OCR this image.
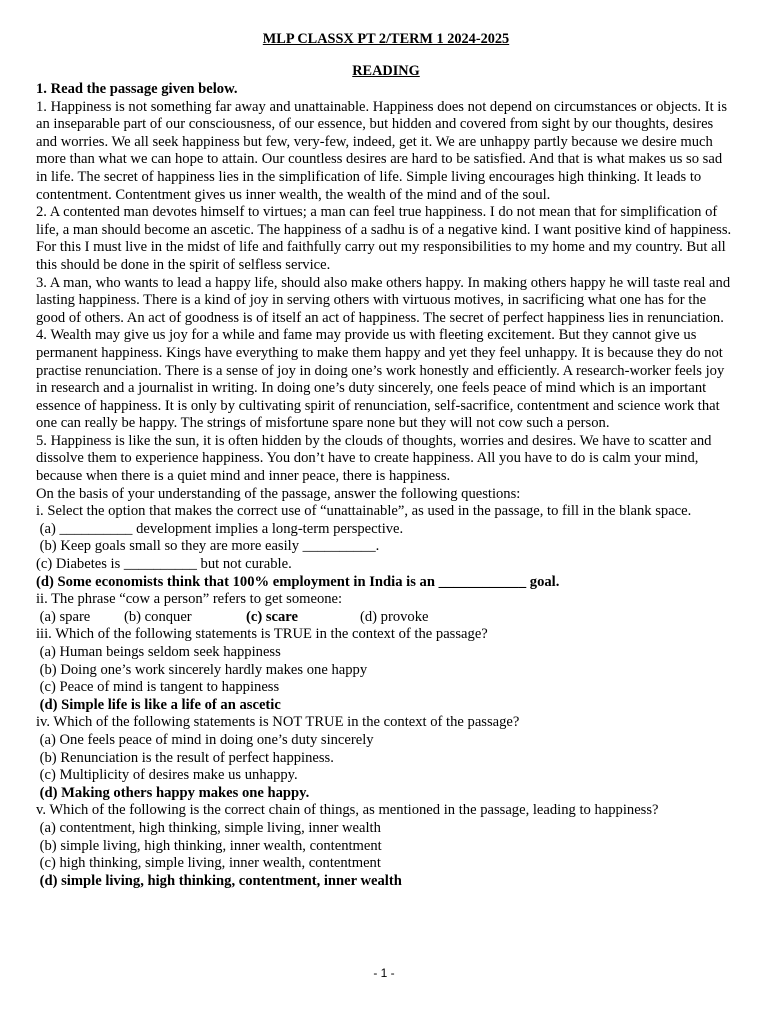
MLP CLASSX PT 2/TERM 1 2024-2025
READING
1. Read the passage given below.

1. Happiness is not something far away and unattainable. Happiness does not depend on circumstances or objects. It is an inseparable part of our consciousness, of our essence, but hidden and covered from sight by our thoughts, desires and worries. We all seek happiness but few, very-few, indeed, get it. We are unhappy partly because we desire much more than what we can hope to attain. Our countless desires are hard to be satisfied. And that is what makes us so sad in life. The secret of happiness lies in the simplification of life. Simple living encourages high thinking. It leads to contentment. Contentment gives us inner wealth, the wealth of the mind and of the soul.

2. A contented man devotes himself to virtues; a man can feel true happiness. I do not mean that for simplification of life, a man should become an ascetic. The happiness of a sadhu is of a negative kind. I want positive kind of happiness. For this I must live in the midst of life and faithfully carry out my responsibilities to my home and my country. But all this should be done in the spirit of selfless service.

3. A man, who wants to lead a happy life, should also make others happy. In making others happy he will taste real and lasting happiness. There is a kind of joy in serving others with virtuous motives, in sacrificing what one has for the good of others. An act of goodness is of itself an act of happiness. The secret of perfect happiness lies in renunciation.

4. Wealth may give us joy for a while and fame may provide us with fleeting excitement. But they cannot give us permanent happiness. Kings have everything to make them happy and yet they feel unhappy. It is because they do not practise renunciation. There is a sense of joy in doing one’s work honestly and efficiently. A research-worker feels joy in research and a journalist in writing. In doing one’s duty sincerely, one feels peace of mind which is an important essence of happiness. It is only by cultivating spirit of renunciation, self-sacrifice, contentment and science work that one can really be happy. The strings of misfortune spare none but they will not cow such a person.

5. Happiness is like the sun, it is often hidden by the clouds of thoughts, worries and desires. We have to scatter and dissolve them to experience happiness. You don’t have to create happiness. All you have to do is calm your mind, because when there is a quiet mind and inner peace, there is happiness.

On the basis of your understanding of the passage, answer the following questions:

i. Select the option that makes the correct use of “unattainable”, as used in the passage, to fill in the blank space.

(a) __________ development implies a long-term perspective.
(b) Keep goals small so they are more easily __________.
(c) Diabetes is __________ but not curable.
(d) Some economists think that 100% employment in India is an ____________ goal.
ii. The phrase “cow a person” refers to get someone:
(a) spare	(b) conquer	(c) scare	(d) provoke
iii. Which of the following statements is TRUE in the context of the passage?
(a) Human beings seldom seek happiness
(b) Doing one’s work sincerely hardly makes one happy
(c) Peace of mind is tangent to happiness
(d) Simple life is like a life of an ascetic
iv. Which of the following statements is NOT TRUE in the context of the passage?
(a) One feels peace of mind in doing one’s duty sincerely
(b) Renunciation is the result of perfect happiness.
(c) Multiplicity of desires make us unhappy.
(d) Making others happy makes one happy.
v. Which of the following is the correct chain of things, as mentioned in the passage, leading to happiness?
(a) contentment, high thinking, simple living, inner wealth
(b) simple living, high thinking, inner wealth, contentment
(c) high thinking, simple living, inner wealth, contentment
(d) simple living, high thinking, contentment, inner wealth
- 1 -
